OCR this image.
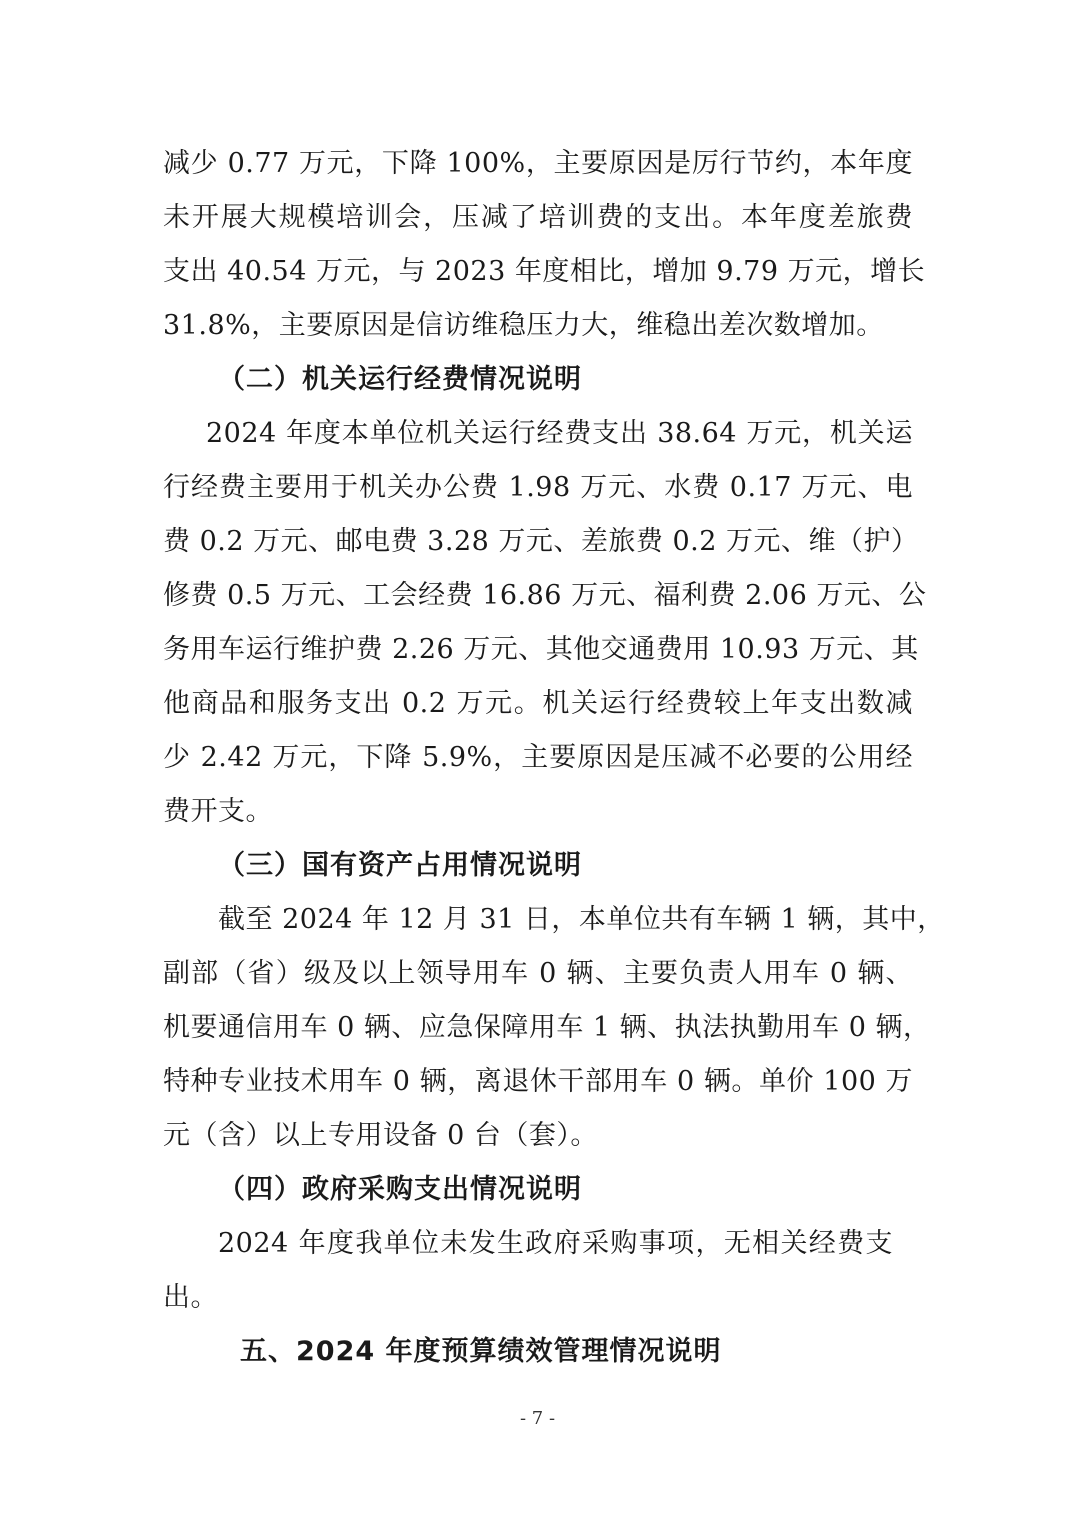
减少 0.77 万元，下降 100%，主要原因是厉行节约，本年度
未开展大规模培训会，压减了培训费的支出。本年度差旅费
支出 40.54 万元，与 2023 年度相比，增加 9.79 万元，增长
31.8%，主要原因是信访维稳压力大，维稳出差次数增加。
（二）机关运行经费情况说明
2024 年度本单位机关运行经费支出 38.64 万元，机关运
行经费主要用于机关办公费 1.98 万元、水费 0.17 万元、电
费 0.2 万元、邮电费 3.28 万元、差旅费 0.2 万元、维（护）
修费 0.5 万元、工会经费 16.86 万元、福利费 2.06 万元、公
务用车运行维护费 2.26 万元、其他交通费用 10.93 万元、其
他商品和服务支出 0.2 万元。机关运行经费较上年支出数减
少 2.42 万元，下降 5.9%，主要原因是压减不必要的公用经
费开支。
（三）国有资产占用情况说明
截至 2024 年 12 月 31 日，本单位共有车辆 1 辆，其中，
副部（省）级及以上领导用车 0 辆、主要负责人用车 0 辆、
机要通信用车 0 辆、应急保障用车 1 辆、执法执勤用车 0 辆，
特种专业技术用车 0 辆，离退休干部用车 0 辆。单价 100 万
元（含）以上专用设备 0 台（套）。
（四）政府采购支出情况说明
2024 年度我单位未发生政府采购事项，无相关经费支
出。
五、2024 年度预算绩效管理情况说明
- 7 -
